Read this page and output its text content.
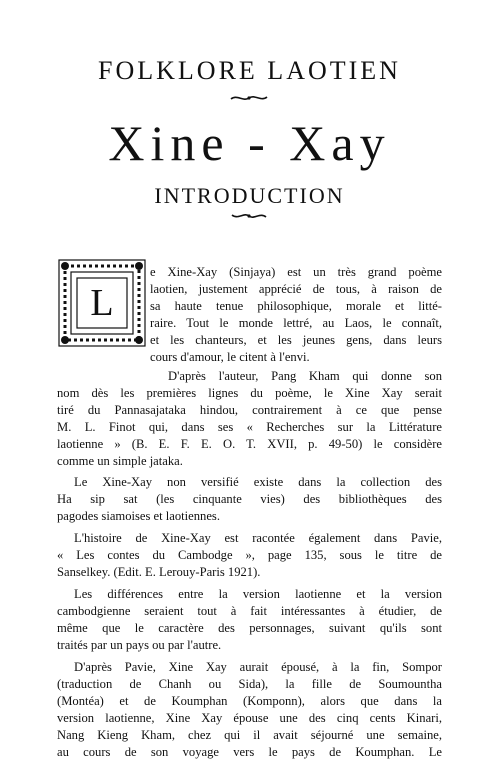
FOLKLORE LAOTIEN
Xine - Xay
INTRODUCTION
L
e Xine-Xay (Sinjaya) est un très grand poème
laotien, justement apprécié de tous, à raison de
sa haute tenue philosophique, morale et litté-
raire. Tout le monde lettré, au Laos, le connaît,
et les chanteurs, et les jeunes gens, dans leurs
cours d'amour, le citent à l'envi.
D'après l'auteur, Pang Kham qui donne son
nom dès les premières lignes du poème, le Xine Xay serait
tiré du Pannasajataka hindou, contrairement à ce que pense
M. L. Finot qui, dans ses « Recherches sur la Littérature
laotienne » (B. E. F. E. O. T. XVII, p. 49-50) le considère
comme un simple jataka.
Le Xine-Xay non versifié existe dans la collection des
Ha sip sat (les cinquante vies) des bibliothèques des
pagodes siamoises et laotiennes.
L'histoire de Xine-Xay est racontée également dans Pavie,
« Les contes du Cambodge », page 135, sous le titre de
Sanselkey. (Edit. E. Lerouy-Paris 1921).
Les différences entre la version laotienne et la version
cambodgienne seraient tout à fait intéressantes à étudier, de
même que le caractère des personnages, suivant qu'ils sont
traités par un pays ou par l'autre.
D'après Pavie, Xine Xay aurait épousé, à la fin, Sompor
(traduction de Chanh ou Sida), la fille de Soumountha
(Montéa) et de Koumphan (Komponn), alors que dans la
version laotienne, Xine Xay épouse une des cinq cents Kinari,
Nang Kieng Kham, chez qui il avait séjourné une semaine,
au cours de son voyage vers le pays de Koumphan. Le
